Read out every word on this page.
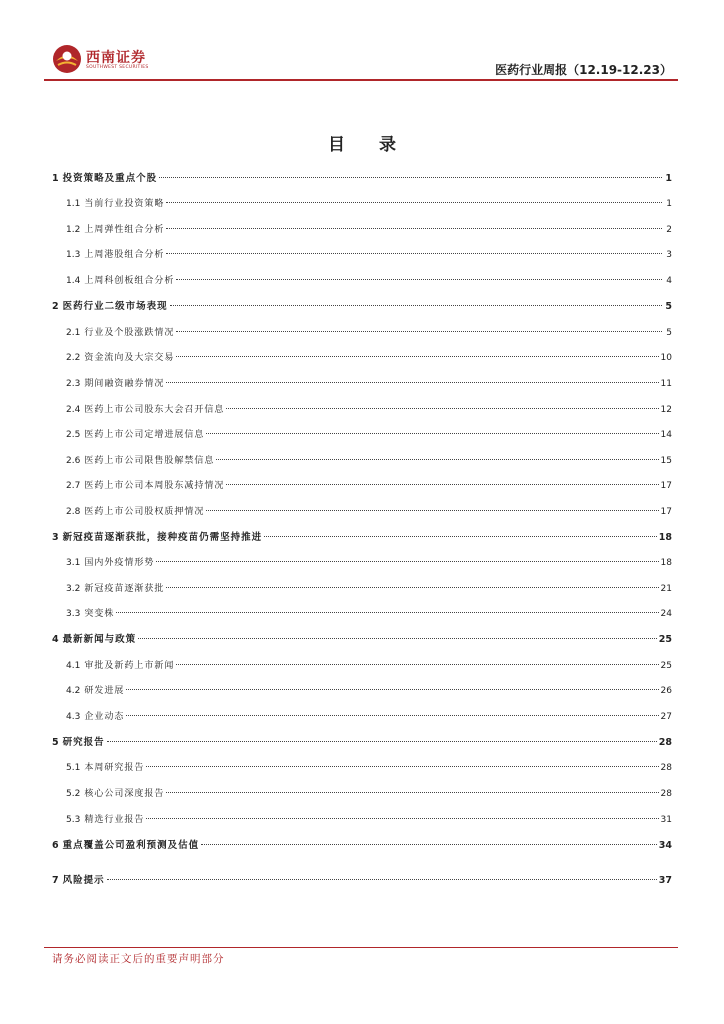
西南证券
SOUTHWEST SECURITIES	医药行业周报（12.19-12.23）
目 录
1 投资策略及重点个股	1
1.1 当前行业投资策略	1
1.2 上周弹性组合分析	2
1.3 上周港股组合分析	3
1.4 上周科创板组合分析	4
2 医药行业二级市场表现	5
2.1 行业及个股涨跌情况	5
2.2 资金流向及大宗交易	10
2.3 期间融资融券情况	11
2.4 医药上市公司股东大会召开信息	12
2.5 医药上市公司定增进展信息	14
2.6 医药上市公司限售股解禁信息	15
2.7 医药上市公司本周股东减持情况	17
2.8 医药上市公司股权质押情况	17
3 新冠疫苗逐渐获批，接种疫苗仍需坚持推进	18
3.1 国内外疫情形势	18
3.2 新冠疫苗逐渐获批	21
3.3 突变株	24
4 最新新闻与政策	25
4.1 审批及新药上市新闻	25
4.2 研发进展	26
4.3 企业动态	27
5 研究报告	28
5.1 本周研究报告	28
5.2 核心公司深度报告	28
5.3 精选行业报告	31
6 重点覆盖公司盈利预测及估值	34
7 风险提示	37
请务必阅读正文后的重要声明部分
